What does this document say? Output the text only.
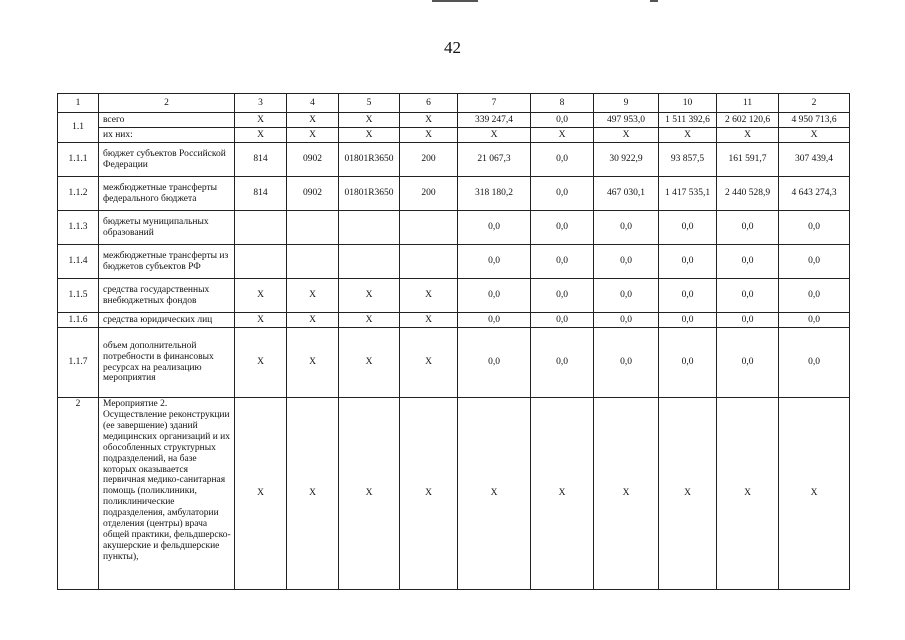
42
1	2	3	4	5	6	7	8	9	10	11	2
1.1	всего	X	X	X	X	339 247,4	0,0	497 953,0	1 511 392,6	2 602 120,6	4 950 713,6
	их них:	X	X	X	X	X	X	X	X	X	X
1.1.1	бюджет субъектов Российской Федерации	814	0902	01801R3650	200	21 067,3	0,0	30 922,9	93 857,5	161 591,7	307 439,4
1.1.2	межбюджетные трансферты федерального бюджета	814	0902	01801R3650	200	318 180,2	0,0	467 030,1	1 417 535,1	2 440 528,9	4 643 274,3
1.1.3	бюджеты муниципальных образований					0,0	0,0	0,0	0,0	0,0	0,0
1.1.4	межбюджетные трансферты из бюджетов субъектов РФ					0,0	0,0	0,0	0,0	0,0	0,0
1.1.5	средства государственных внебюджетных фондов	X	X	X	X	0,0	0,0	0,0	0,0	0,0	0,0
1.1.6	средства юридических лиц	X	X	X	X	0,0	0,0	0,0	0,0	0,0	0,0
1.1.7	объем дополнительной потребности в финансовых ресурсах на реализацию мероприятия	X	X	X	X	0,0	0,0	0,0	0,0	0,0	0,0
2	Мероприятие 2. Осуществление реконструкции (ее завершение) зданий медицинских организаций и их обособленных структурных подразделений, на базе которых оказывается первичная медико-санитарная помощь (поликлиники, поликлинические подразделения, амбулатории отделения (центры) врача общей практики, фельдшерско-акушерские и фельдшерские пункты),	X	X	X	X	X	X	X	X	X	X
